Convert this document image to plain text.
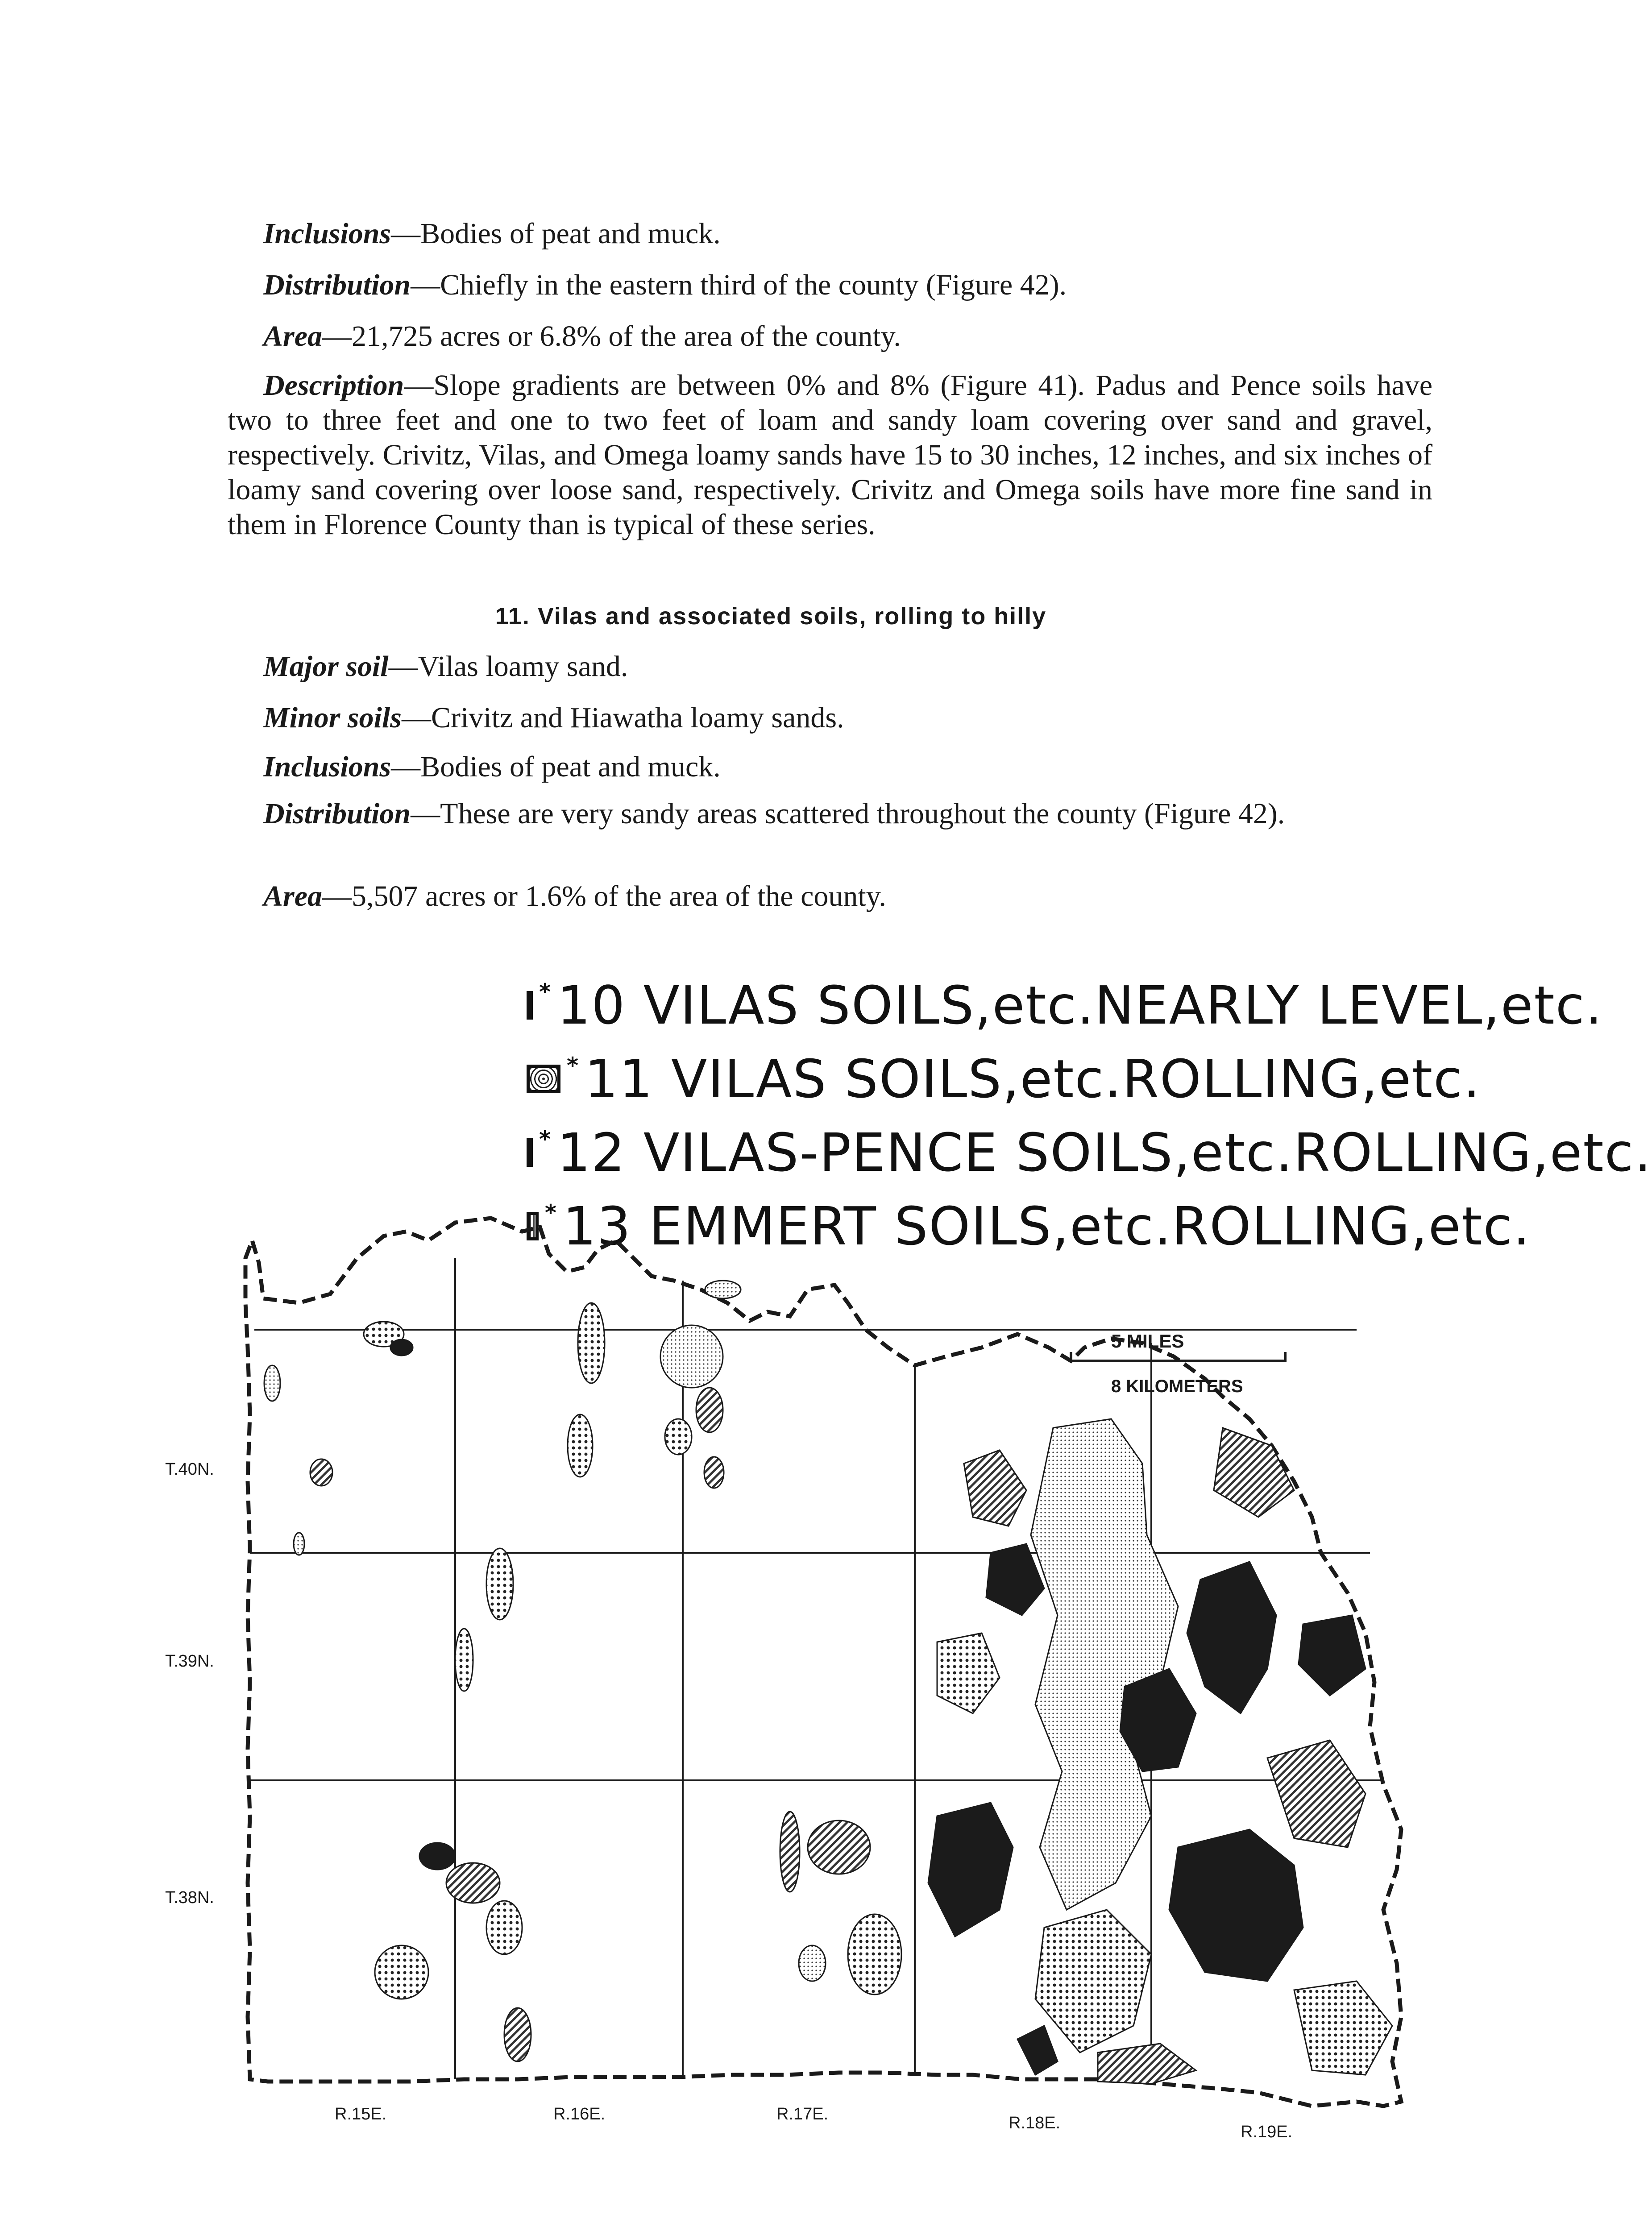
Inclusions—Bodies of peat and muck.

Distribution—Chiefly in the eastern third of the county (Figure 42).

Area—21,725 acres or 6.8% of the area of the county.

Description—Slope gradients are between 0% and 8% (Figure 41). Padus and Pence soils have two to three feet and one to two feet of loam and sandy loam covering over sand and gravel, respectively. Crivitz, Vilas, and Omega loamy sands have 15 to 30 inches, 12 inches, and six inches of loamy sand covering over loose sand, respectively. Crivitz and Omega soils have more fine sand in them in Florence County than is typical of these series.

11. Vilas and associated soils, rolling to hilly

Major soil—Vilas loamy sand.

Minor soils—Crivitz and Hiawatha loamy sands.

Inclusions—Bodies of peat and muck.

Distribution—These are very sandy areas scattered throughout the county (Figure 42).

Area—5,507 acres or 1.6% of the area of the county.

* 10 VILAS SOILS,etc.NEARLY LEVEL,etc.
* 11 VILAS SOILS,etc.ROLLING,etc.
* 12 VILAS-PENCE SOILS,etc.ROLLING,etc.
* 13 EMMERT SOILS,etc.ROLLING,etc.
5 MILES
8 KILOMETERS
T.40N.
T.39N.
T.38N.
R.15E.	R.16E.	R.17E.	R.18E.	R.19E.
